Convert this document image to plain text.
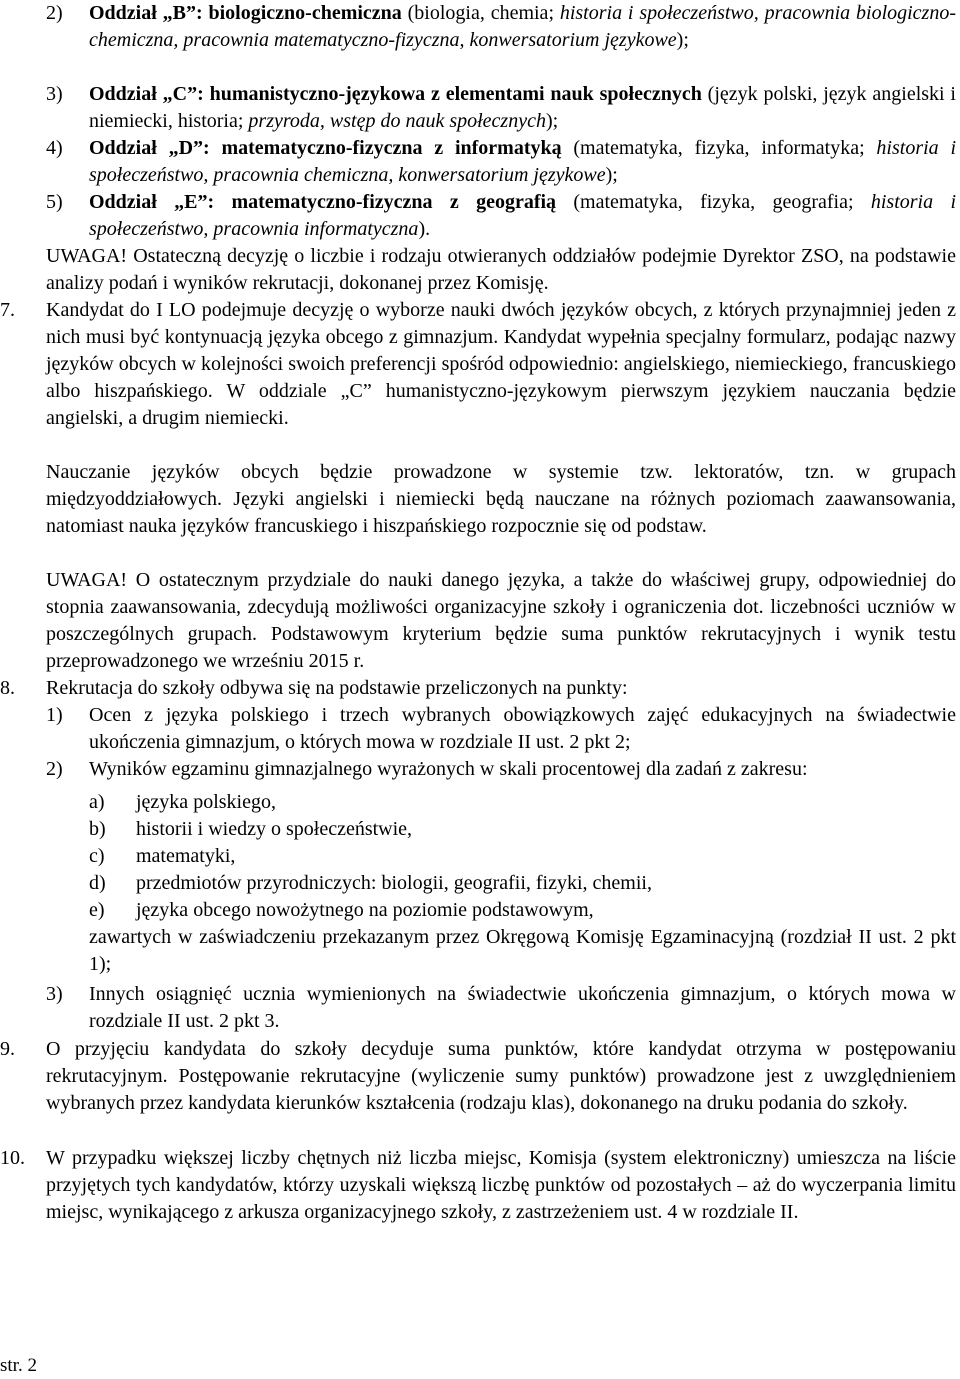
2) Oddział „B”: biologiczno-chemiczna (biologia, chemia; historia i społeczeństwo, pracownia biologiczno-chemiczna, pracownia matematyczno-fizyczna, konwersatorium językowe);

3) Oddział „C”: humanistyczno-językowa z elementami nauk społecznych (język polski, język angielski i niemiecki, historia; przyroda, wstęp do nauk społecznych);

4) Oddział „D”: matematyczno-fizyczna z informatyką (matematyka, fizyka, informatyka; historia i społeczeństwo, pracownia chemiczna, konwersatorium językowe);

5) Oddział „E”: matematyczno-fizyczna z geografią (matematyka, fizyka, geografia; historia i społeczeństwo, pracownia informatyczna).

UWAGA! Ostateczną decyzję o liczbie i rodzaju otwieranych oddziałów podejmie Dyrektor ZSO, na podstawie analizy podań i wyników rekrutacji, dokonanej przez Komisję.

7. Kandydat do I LO podejmuje decyzję o wyborze nauki dwóch języków obcych, z których przynajmniej jeden z nich musi być kontynuacją języka obcego z gimnazjum. Kandydat wypełnia specjalny formularz, podając nazwy języków obcych w kolejności swoich preferencji spośród odpowiednio: angielskiego, niemieckiego, francuskiego albo hiszpańskiego. W oddziale „C” humanistyczno-językowym pierwszym językiem nauczania będzie angielski, a drugim niemiecki.

Nauczanie języków obcych będzie prowadzone w systemie tzw. lektoratów, tzn. w grupach międzyoddziałowych. Języki angielski i niemiecki będą nauczane na różnych poziomach zaawansowania, natomiast nauka języków francuskiego i hiszpańskiego rozpocznie się od podstaw.

UWAGA! O ostatecznym przydziale do nauki danego języka, a także do właściwej grupy, odpowiedniej do stopnia zaawansowania, zdecydują możliwości organizacyjne szkoły i ograniczenia dot. liczebności uczniów w poszczególnych grupach. Podstawowym kryterium będzie suma punktów rekrutacyjnych i wynik testu przeprowadzonego we wrześniu 2015 r.

8. Rekrutacja do szkoły odbywa się na podstawie przeliczonych na punkty:

1) Ocen z języka polskiego i trzech wybranych obowiązkowych zajęć edukacyjnych na świadectwie ukończenia gimnazjum, o których mowa w rozdziale II ust. 2 pkt 2;

2) Wyników egzaminu gimnazjalnego wyrażonych w skali procentowej dla zadań z zakresu:

a) języka polskiego,

b) historii i wiedzy o społeczeństwie,

c) matematyki,

d) przedmiotów przyrodniczych: biologii, geografii, fizyki, chemii,

e) języka obcego nowożytnego na poziomie podstawowym,

zawartych w zaświadczeniu przekazanym przez Okręgową Komisję Egzaminacyjną (rozdział II ust. 2 pkt 1);

3) Innych osiągnięć ucznia wymienionych na świadectwie ukończenia gimnazjum, o których mowa w rozdziale II ust. 2 pkt 3.

9. O przyjęciu kandydata do szkoły decyduje suma punktów, które kandydat otrzyma w postępowaniu rekrutacyjnym. Postępowanie rekrutacyjne (wyliczenie sumy punktów) prowadzone jest z uwzględnieniem wybranych przez kandydata kierunków kształcenia (rodzaju klas), dokonanego na druku podania do szkoły.

10. W przypadku większej liczby chętnych niż liczba miejsc, Komisja (system elektroniczny) umieszcza na liście przyjętych tych kandydatów, którzy uzyskali większą liczbę punktów od pozostałych – aż do wyczerpania limitu miejsc, wynikającego z arkusza organizacyjnego szkoły, z zastrzeżeniem ust. 4 w rozdziale II.

str. 2
